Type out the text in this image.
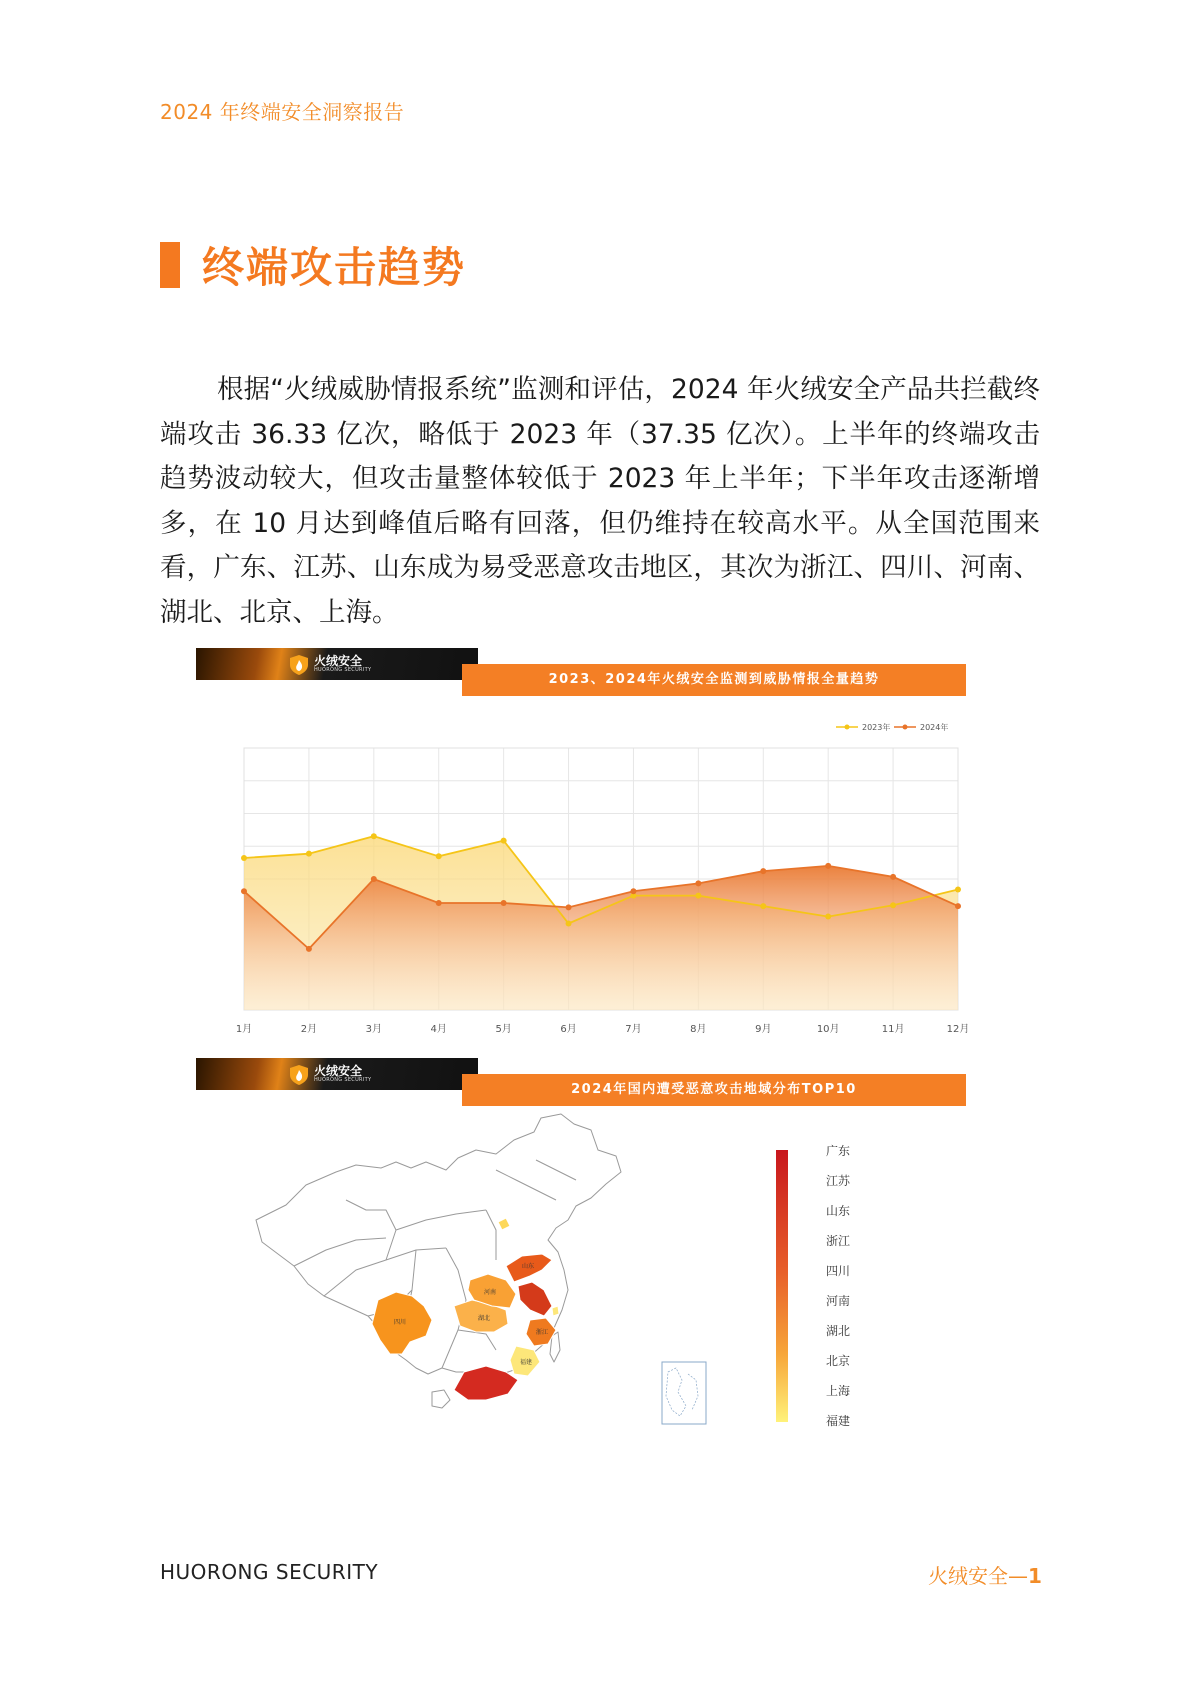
2024 年终端安全洞察报告
终端攻击趋势

根据“火绒威胁情报系统”监测和评估，2024 年火绒安全产品共拦截终端攻击 36.33 亿次，略低于 2023 年（37.35 亿次）。上半年的终端攻击趋势波动较大，但攻击量整体较低于 2023 年上半年；下半年攻击逐渐增多，在 10 月达到峰值后略有回落，但仍维持在较高水平。从全国范围来看，广东、江苏、山东成为易受恶意攻击地区，其次为浙江、四川、河南、湖北、北京、上海。

火绒安全
HUORONG SECURITY
2023、2024年火绒安全监测到威胁情报全量趋势
1月	2月	3月	4月	5月	6月	7月	8月	9月	10月	11月	12月
2023年	2024年
火绒安全
HUORONG SECURITY
2024年国内遭受恶意攻击地域分布TOP10
山东
河南
湖北
四川
浙江
福建
广东
江苏
山东
浙江
四川
河南
湖北
北京
上海
福建
HUORONG SECURITY	火绒安全—1
